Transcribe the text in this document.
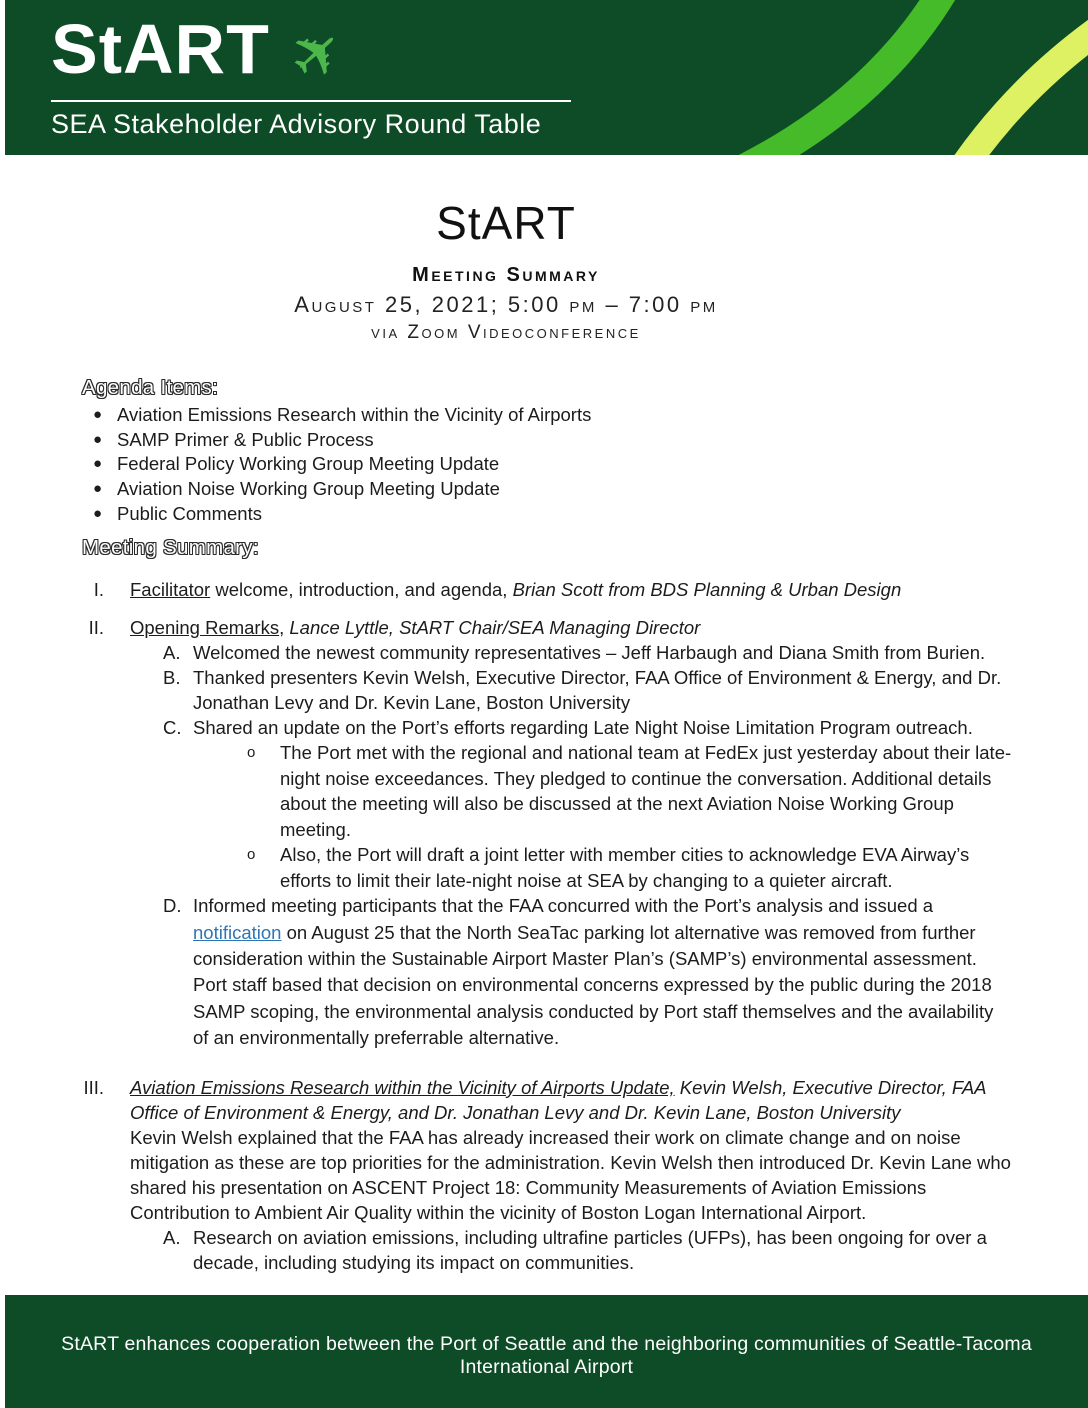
StART ✈
SEA Stakeholder Advisory Round Table
StART
Meeting Summary
August 25, 2021; 5:00 pm – 7:00 pm
via Zoom Videoconference
Agenda Items:
● Aviation Emissions Research within the Vicinity of Airports
● SAMP Primer & Public Process
● Federal Policy Working Group Meeting Update
● Aviation Noise Working Group Meeting Update
● Public Comments
Meeting Summary:
I. Facilitator welcome, introduction, and agenda, Brian Scott from BDS Planning & Urban Design
II. Opening Remarks, Lance Lyttle, StART Chair/SEA Managing Director
A. Welcomed the newest community representatives – Jeff Harbaugh and Diana Smith from Burien.
B. Thanked presenters Kevin Welsh, Executive Director, FAA Office of Environment & Energy, and Dr. Jonathan Levy and Dr. Kevin Lane, Boston University
C. Shared an update on the Port’s efforts regarding Late Night Noise Limitation Program outreach.
o	The Port met with the regional and national team at FedEx just yesterday about their late-night noise exceedances. They pledged to continue the conversation. Additional details about the meeting will also be discussed at the next Aviation Noise Working Group meeting.
o	Also, the Port will draft a joint letter with member cities to acknowledge EVA Airway’s efforts to limit their late-night noise at SEA by changing to a quieter aircraft.
D. Informed meeting participants that the FAA concurred with the Port’s analysis and issued a notification on August 25 that the North SeaTac parking lot alternative was removed from further consideration within the Sustainable Airport Master Plan’s (SAMP’s) environmental assessment. Port staff based that decision on environmental concerns expressed by the public during the 2018 SAMP scoping, the environmental analysis conducted by Port staff themselves and the availability of an environmentally preferrable alternative.
III. Aviation Emissions Research within the Vicinity of Airports Update, Kevin Welsh, Executive Director, FAA Office of Environment & Energy, and Dr. Jonathan Levy and Dr. Kevin Lane, Boston University
Kevin Welsh explained that the FAA has already increased their work on climate change and on noise mitigation as these are top priorities for the administration. Kevin Welsh then introduced Dr. Kevin Lane who shared his presentation on ASCENT Project 18: Community Measurements of Aviation Emissions Contribution to Ambient Air Quality within the vicinity of Boston Logan International Airport.
A. Research on aviation emissions, including ultrafine particles (UFPs), has been ongoing for over a decade, including studying its impact on communities.
StART enhances cooperation between the Port of Seattle and the neighboring communities of Seattle-Tacoma International Airport
